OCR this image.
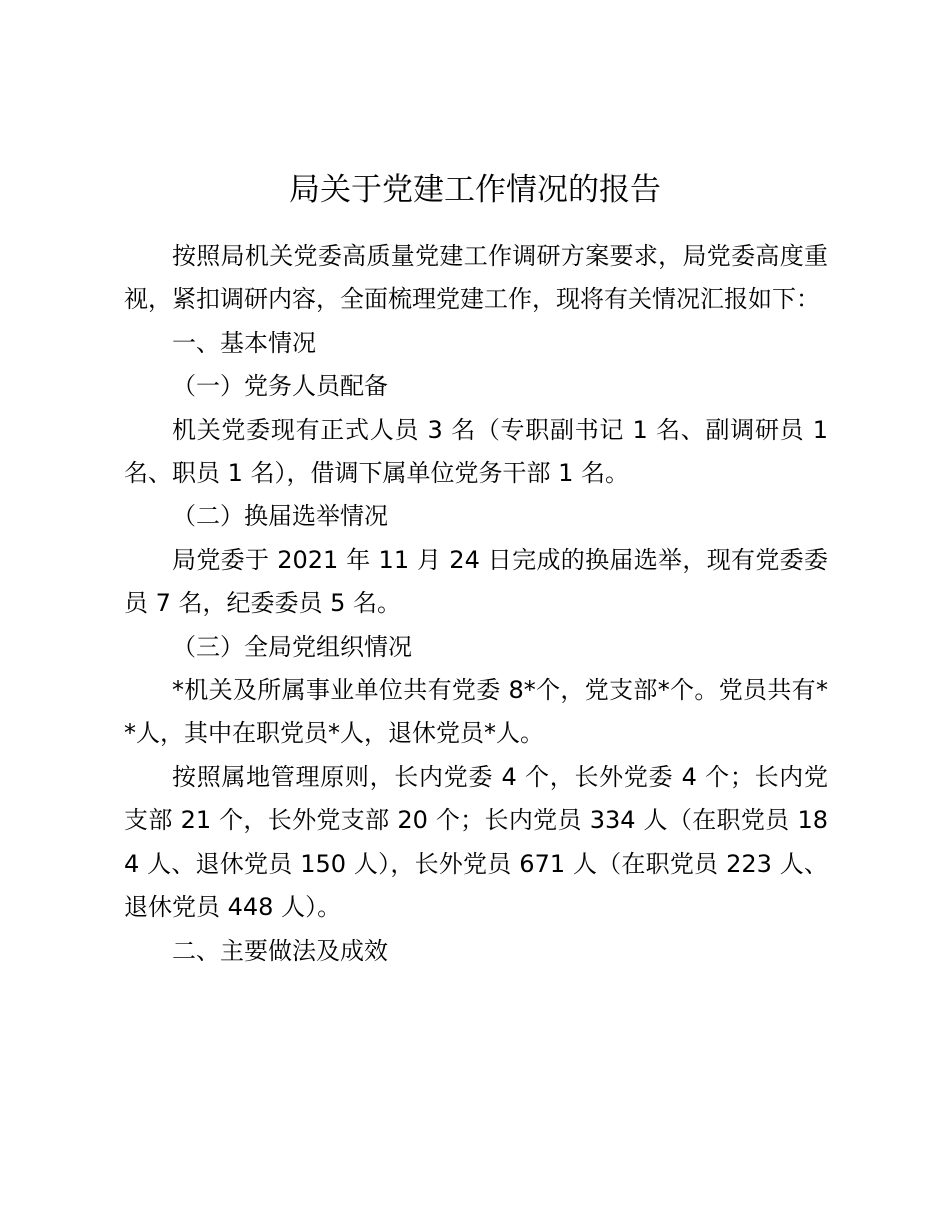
局关于党建工作情况的报告

按照局机关党委高质量党建工作调研方案要求，局党委高度重视，紧扣调研内容，全面梳理党建工作，现将有关情况汇报如下：

一、基本情况

（一）党务人员配备

机关党委现有正式人员 3 名（专职副书记 1 名、副调研员 1 名、职员 1 名），借调下属单位党务干部 1 名。

（二）换届选举情况

局党委于 2021 年 11 月 24 日完成的换届选举，现有党委委员 7 名，纪委委员 5 名。

（三）全局党组织情况

*机关及所属事业单位共有党委 8*个，党支部*个。党员共有**人，其中在职党员*人，退休党员*人。

按照属地管理原则，长内党委 4 个，长外党委 4 个；长内党支部 21 个，长外党支部 20 个；长内党员 334 人（在职党员 184 人、退休党员 150 人），长外党员 671 人（在职党员 223 人、退休党员 448 人）。

二、主要做法及成效
